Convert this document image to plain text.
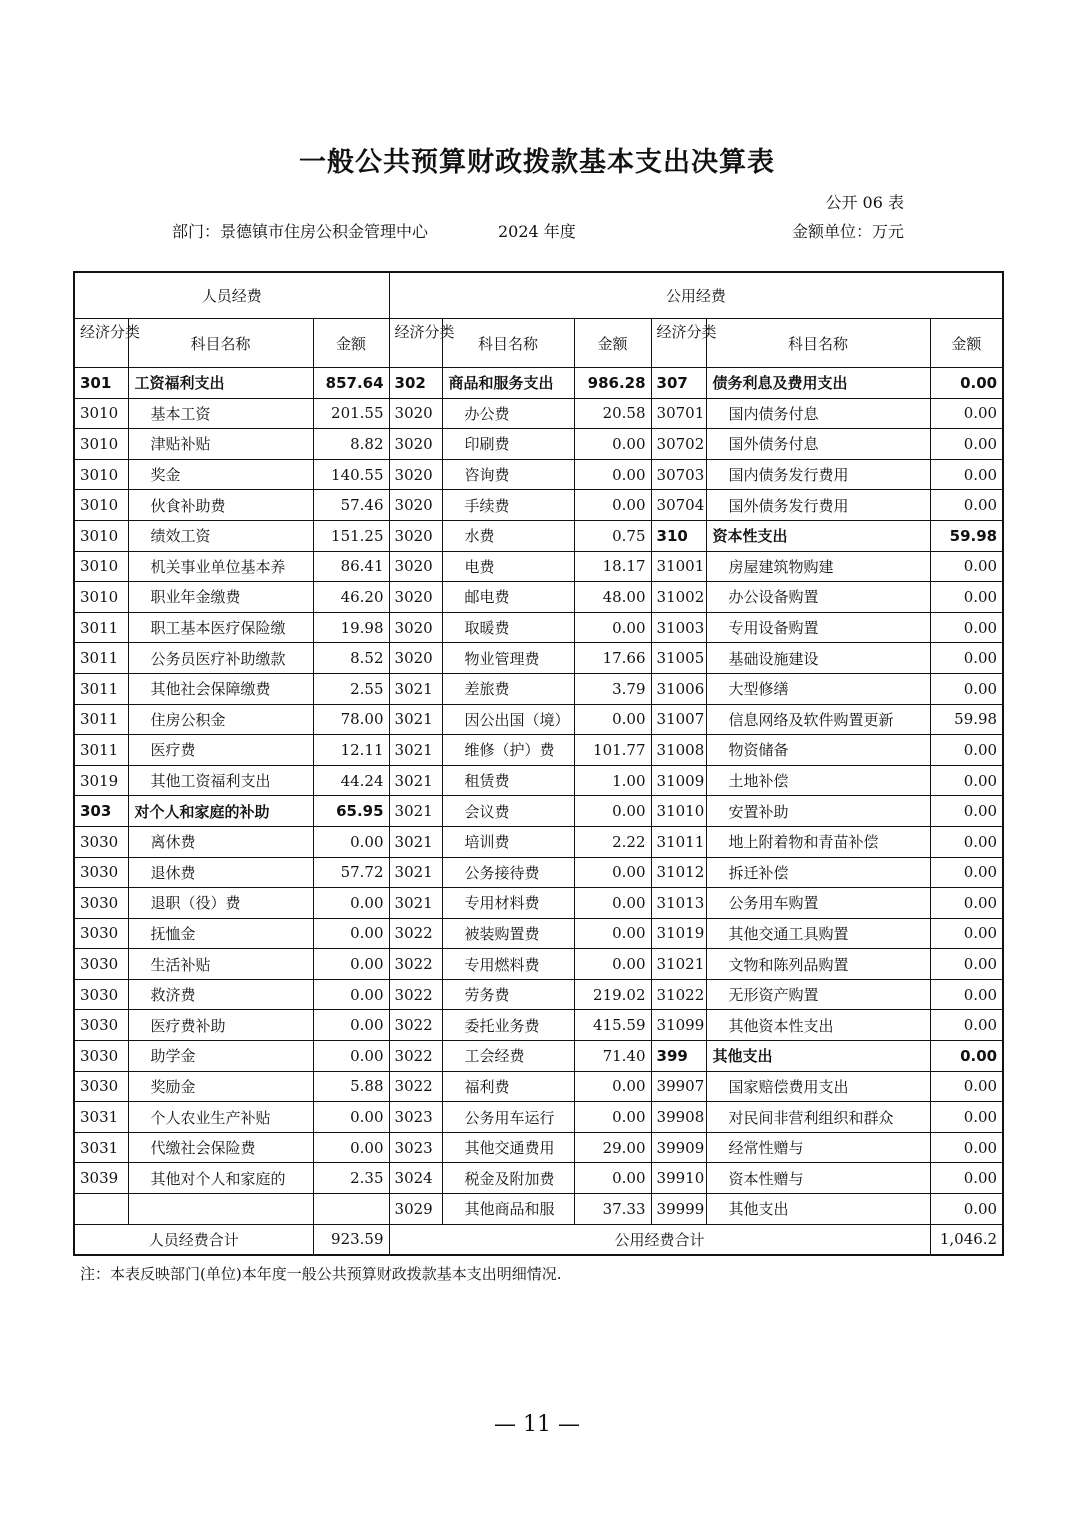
一般公共预算财政拨款基本支出决算表
公开 06 表
部门：景德镇市住房公积金管理中心	2024 年度	金额单位：万元
人员经费			公用经费					
经济分类	科目名称	金额	经济分类	科目名称	金额	经济分类	科目名称	金额
301	工资福利支出	857.64	302	商品和服务支出	986.28	307	债务利息及费用支出	0.00
3010	基本工资	201.55	3020	办公费	20.58	30701	国内债务付息	0.00
3010	津贴补贴	8.82	3020	印刷费	0.00	30702	国外债务付息	0.00
3010	奖金	140.55	3020	咨询费	0.00	30703	国内债务发行费用	0.00
3010	伙食补助费	57.46	3020	手续费	0.00	30704	国外债务发行费用	0.00
3010	绩效工资	151.25	3020	水费	0.75	310	资本性支出	59.98
3010	机关事业单位基本养	86.41	3020	电费	18.17	31001	房屋建筑物购建	0.00
3010	职业年金缴费	46.20	3020	邮电费	48.00	31002	办公设备购置	0.00
3011	职工基本医疗保险缴	19.98	3020	取暖费	0.00	31003	专用设备购置	0.00
3011	公务员医疗补助缴款	8.52	3020	物业管理费	17.66	31005	基础设施建设	0.00
3011	其他社会保障缴费	2.55	3021	差旅费	3.79	31006	大型修缮	0.00
3011	住房公积金	78.00	3021	因公出国（境）	0.00	31007	信息网络及软件购置更新	59.98
3011	医疗费	12.11	3021	维修（护）费	101.77	31008	物资储备	0.00
3019	其他工资福利支出	44.24	3021	租赁费	1.00	31009	土地补偿	0.00
303	对个人和家庭的补助	65.95	3021	会议费	0.00	31010	安置补助	0.00
3030	离休费	0.00	3021	培训费	2.22	31011	地上附着物和青苗补偿	0.00
3030	退休费	57.72	3021	公务接待费	0.00	31012	拆迁补偿	0.00
3030	退职（役）费	0.00	3021	专用材料费	0.00	31013	公务用车购置	0.00
3030	抚恤金	0.00	3022	被装购置费	0.00	31019	其他交通工具购置	0.00
3030	生活补贴	0.00	3022	专用燃料费	0.00	31021	文物和陈列品购置	0.00
3030	救济费	0.00	3022	劳务费	219.02	31022	无形资产购置	0.00
3030	医疗费补助	0.00	3022	委托业务费	415.59	31099	其他资本性支出	0.00
3030	助学金	0.00	3022	工会经费	71.40	399	其他支出	0.00
3030	奖励金	5.88	3022	福利费	0.00	39907	国家赔偿费用支出	0.00
3031	个人农业生产补贴	0.00	3023	公务用车运行	0.00	39908	对民间非营利组织和群众	0.00
3031	代缴社会保险费	0.00	3023	其他交通费用	29.00	39909	经常性赠与	0.00
3039	其他对个人和家庭的	2.35	3024	税金及附加费	0.00	39910	资本性赠与	0.00
			3029	其他商品和服	37.33	39999	其他支出	0.00
人员经费合计		923.59	公用经费合计					1,046.2
注：本表反映部门(单位)本年度一般公共预算财政拨款基本支出明细情况.
— 11 —
